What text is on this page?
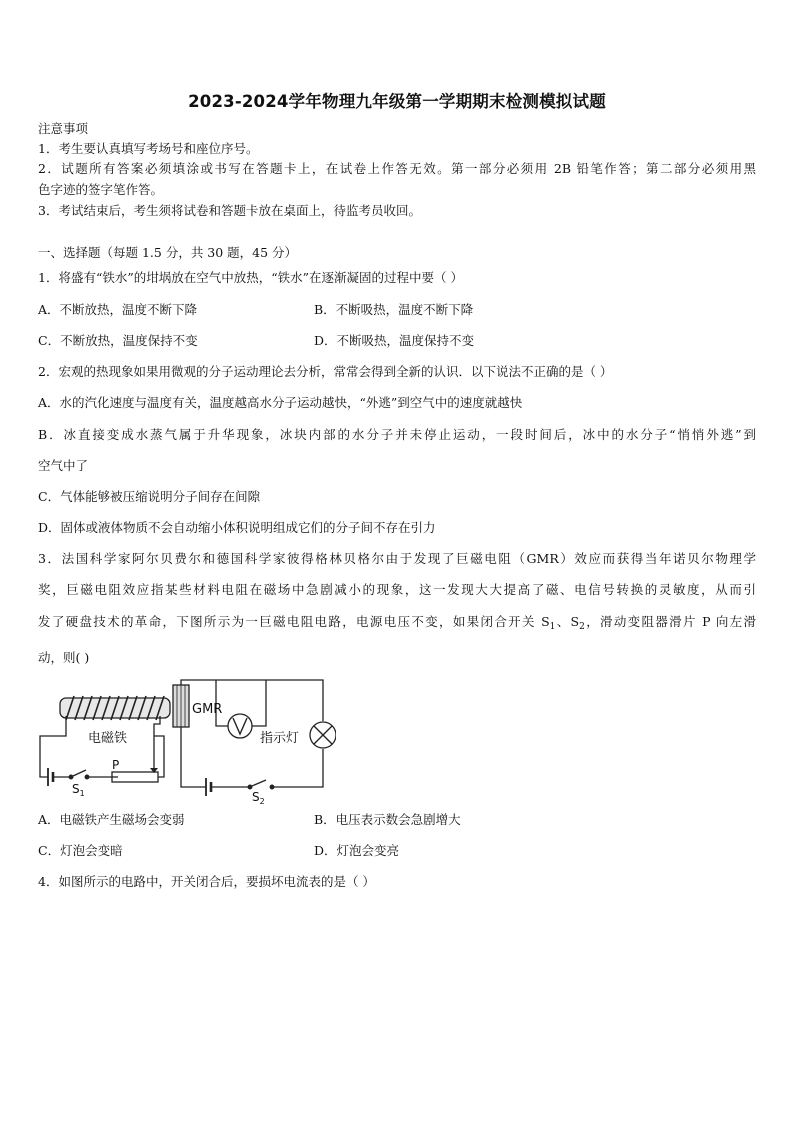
2023-2024学年物理九年级第一学期期末检测模拟试题
注意事项
1．考生要认真填写考场号和座位序号。
2．试题所有答案必须填涂或书写在答题卡上，在试卷上作答无效。第一部分必须用 2B 铅笔作答；第二部分必须用黑
色字迹的签字笔作答。
3．考试结束后，考生须将试卷和答题卡放在桌面上，待监考员收回。
一、选择题（每题 1.5 分，共 30 题，45 分）
1．将盛有“铁水”的坩埚放在空气中放热，“铁水”在逐渐凝固的过程中要（ ）
A．不断放热，温度不断下降	B．不断吸热，温度不断下降
C．不断放热，温度保持不变	D．不断吸热，温度保持不变
2．宏观的热现象如果用微观的分子运动理论去分析，常常会得到全新的认识．以下说法不正确的是（ ）
A．水的汽化速度与温度有关，温度越高水分子运动越快，“外逃”到空气中的速度就越快
B．冰直接变成水蒸气属于升华现象，冰块内部的水分子并未停止运动，一段时间后，冰中的水分子“悄悄外逃”到
空气中了
C．气体能够被压缩说明分子间存在间隙
D．固体或液体物质不会自动缩小体积说明组成它们的分子间不存在引力
3．法国科学家阿尔贝费尔和德国科学家彼得格林贝格尔由于发现了巨磁电阻（GMR）效应而获得当年诺贝尔物理学
奖，巨磁电阻效应指某些材料电阻在磁场中急剧减小的现象，这一发现大大提高了磁、电信号转换的灵敏度，从而引
发了硬盘技术的革命，下图所示为一巨磁电阻电路，电源电压不变，如果闭合开关 $S_1$、$S_2$，滑动变阻器滑片 P 向左滑
动，则( )
电磁铁
GMR
指示灯
P
$S_1$	$S_2$
A．电磁铁产生磁场会变弱	B．电压表示数会急剧增大
C．灯泡会变暗	D．灯泡会变亮
4．如图所示的电路中，开关闭合后，要损坏电流表的是（ ）
